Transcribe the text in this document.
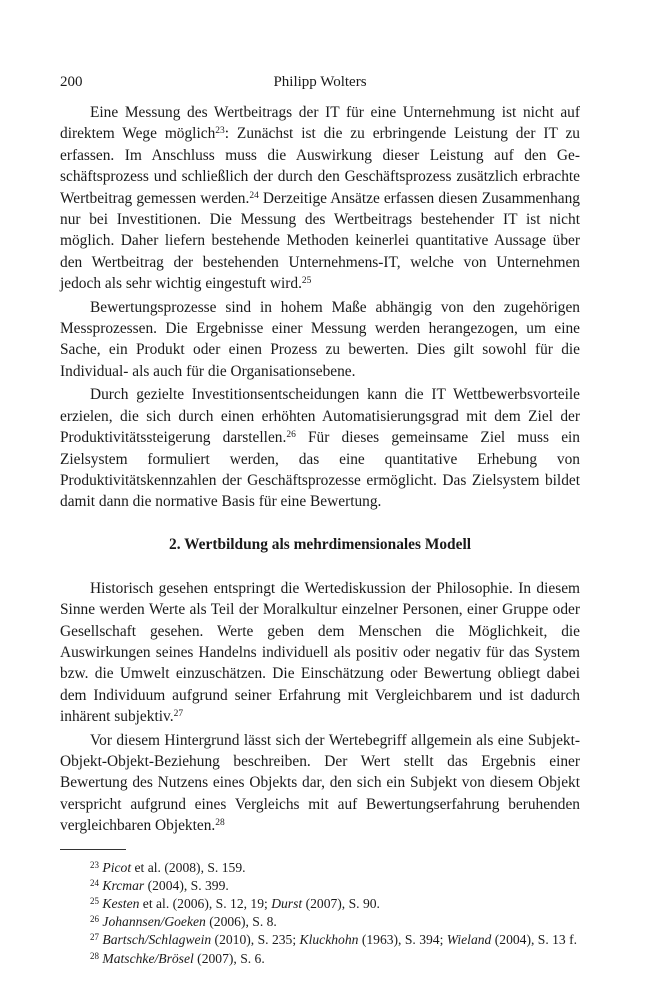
200	Philipp Wolters

Eine Messung des Wertbeitrags der IT für eine Unternehmung ist nicht auf direktem Wege möglich$^{23}$: Zunächst ist die zu erbringende Leistung der IT zu erfassen. Im Anschluss muss die Auswirkung dieser Leistung auf den Geschäftsprozess und schließlich der durch den Geschäftsprozess zusätzlich erbrachte Wertbeitrag gemessen werden.$^{24}$ Derzeitige Ansätze erfassen diesen Zusammenhang nur bei Investitionen. Die Messung des Wertbeitrags bestehender IT ist nicht möglich. Daher liefern bestehende Methoden keinerlei quantitative Aussage über den Wertbeitrag der bestehenden Unternehmens-IT, welche von Unternehmen jedoch als sehr wichtig eingestuft wird.$^{25}$

Bewertungsprozesse sind in hohem Maße abhängig von den zugehörigen Messprozessen. Die Ergebnisse einer Messung werden herangezogen, um eine Sache, ein Produkt oder einen Prozess zu bewerten. Dies gilt sowohl für die Individual- als auch für die Organisationsebene.

Durch gezielte Investitionsentscheidungen kann die IT Wettbewerbsvorteile erzielen, die sich durch einen erhöhten Automatisierungsgrad mit dem Ziel der Produktivitätssteigerung darstellen.$^{26}$ Für dieses gemeinsame Ziel muss ein Zielsystem formuliert werden, das eine quantitative Erhebung von Produktivitätskennzahlen der Geschäftsprozesse ermöglicht. Das Zielsystem bildet damit dann die normative Basis für eine Bewertung.

2. Wertbildung als mehrdimensionales Modell

Historisch gesehen entspringt die Wertediskussion der Philosophie. In diesem Sinne werden Werte als Teil der Moralkultur einzelner Personen, einer Gruppe oder Gesellschaft gesehen. Werte geben dem Menschen die Möglichkeit, die Auswirkungen seines Handelns individuell als positiv oder negativ für das System bzw. die Umwelt einzuschätzen. Die Einschätzung oder Bewertung obliegt dabei dem Individuum aufgrund seiner Erfahrung mit Vergleichbarem und ist dadurch inhärent subjektiv.$^{27}$

Vor diesem Hintergrund lässt sich der Wertebegriff allgemein als eine Subjekt-Objekt-Objekt-Beziehung beschreiben. Der Wert stellt das Ergebnis einer Bewertung des Nutzens eines Objekts dar, den sich ein Subjekt von diesem Objekt verspricht aufgrund eines Vergleichs mit auf Bewertungserfahrung beruhenden vergleichbaren Objekten.$^{28}$

$^{23}$ Picot et al. (2008), S. 159.

$^{24}$ Krcmar (2004), S. 399.

$^{25}$ Kesten et al. (2006), S. 12, 19; Durst (2007), S. 90.

$^{26}$ Johannsen/Goeken (2006), S. 8.

$^{27}$ Bartsch/Schlagwein (2010), S. 235; Kluckhohn (1963), S. 394; Wieland (2004), S. 13 f.

$^{28}$ Matschke/Brösel (2007), S. 6.
